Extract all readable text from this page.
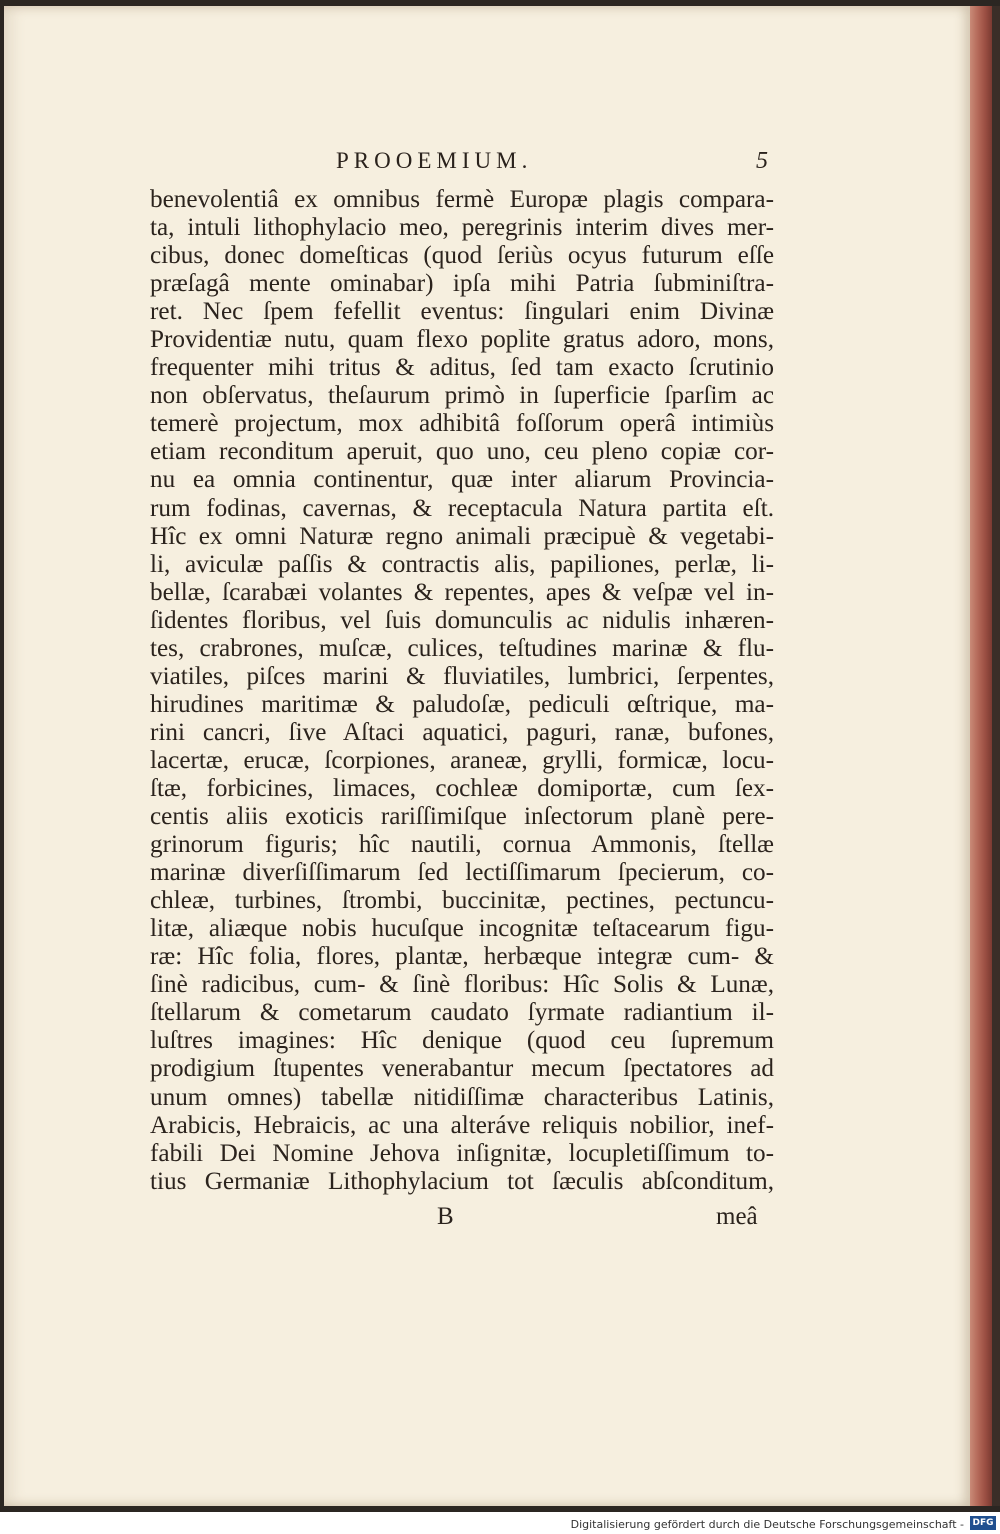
PROOEMIUM.	5
benevolentiâ ex omnibus fermè Europæ plagis compara-
ta, intuli lithophylacio meo, peregrinis interim dives mer-
cibus, donec domeſticas (quod ſeriùs ocyus futurum eſſe
præſagâ mente ominabar) ipſa mihi Patria ſubminiſtra-
ret. Nec ſpem fefellit eventus: ſingulari enim Divinæ
Providentiæ nutu, quam flexo poplite gratus adoro, mons,
frequenter mihi tritus & aditus, ſed tam exacto ſcrutinio
non obſervatus, theſaurum primò in ſuperficie ſparſim ac
temerè projectum, mox adhibitâ foſſorum operâ intimiùs
etiam reconditum aperuit, quo uno, ceu pleno copiæ cor-
nu ea omnia continentur, quæ inter aliarum Provincia-
rum fodinas, cavernas, & receptacula Natura partita eſt.
Hîc ex omni Naturæ regno animali præcipuè & vegetabi-
li, aviculæ paſſis & contractis alis, papiliones, perlæ, li-
bellæ, ſcarabæi volantes & repentes, apes & veſpæ vel in-
ſidentes floribus, vel ſuis domunculis ac nidulis inhæren-
tes, crabrones, muſcæ, culices, teſtudines marinæ & flu-
viatiles, piſces marini & fluviatiles, lumbrici, ſerpentes,
hirudines maritimæ & paludoſæ, pediculi œſtrique, ma-
rini cancri, ſive Aſtaci aquatici, paguri, ranæ, bufones,
lacertæ, erucæ, ſcorpiones, araneæ, grylli, formicæ, locu-
ſtæ, forbicines, limaces, cochleæ domiportæ, cum ſex-
centis aliis exoticis rariſſimiſque inſectorum planè pere-
grinorum figuris; hîc nautili, cornua Ammonis, ſtellæ
marinæ diverſiſſimarum ſed lectiſſimarum ſpecierum, co-
chleæ, turbines, ſtrombi, buccinitæ, pectines, pectuncu-
litæ, aliæque nobis hucuſque incognitæ teſtacearum figu-
ræ: Hîc folia, flores, plantæ, herbæque integræ cum- &
ſinè radicibus, cum- & ſinè floribus: Hîc Solis & Lunæ,
ſtellarum & cometarum caudato ſyrmate radiantium il-
luſtres imagines: Hîc denique (quod ceu ſupremum
prodigium ſtupentes venerabantur mecum ſpectatores ad
unum omnes) tabellæ nitidiſſimæ characteribus Latinis,
Arabicis, Hebraicis, ac una alteráve reliquis nobilior, inef-
fabili Dei Nomine Jehova inſignitæ, locupletiſſimum to-
tius Germaniæ Lithophylacium tot ſæculis abſconditum,
B	meâ
Digitalisierung gefördert durch die Deutsche Forschungsgemeinschaft - DFG
